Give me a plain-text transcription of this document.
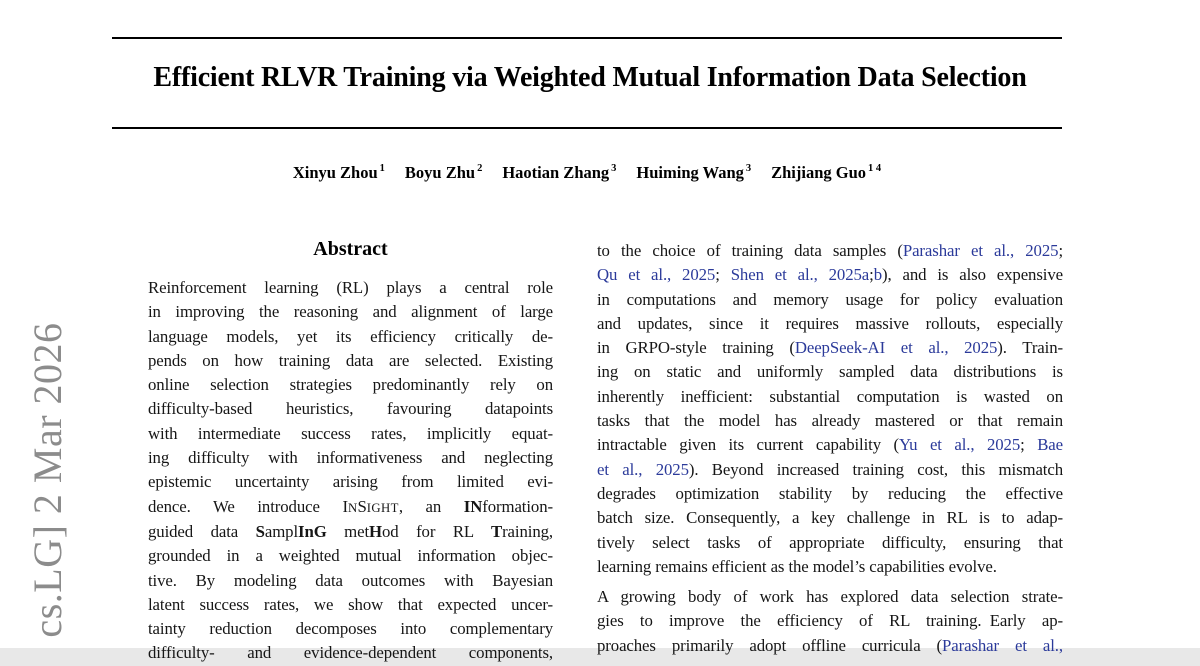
cs.LG] 2 Mar 2026
Efficient RLVR Training via Weighted Mutual Information Data Selection
Xinyu Zhou $^1$ Boyu Zhu $^2$ Haotian Zhang $^3$ Huiming Wang $^3$ Zhijiang Guo $^{1 4}$
Abstract
Reinforcement learning (RL) plays a central role
in improving the reasoning and alignment of large
language models, yet its efficiency critically de-
pends on how training data are selected. Existing
online selection strategies predominantly rely on
difficulty-based heuristics, favouring datapoints
with intermediate success rates, implicitly equat-
ing difficulty with informativeness and neglecting
epistemic uncertainty arising from limited evi-
dence. We introduce INSIGHT, an INformation-
guided data SamplInG metHod for RL Training,
grounded in a weighted mutual information objec-
tive. By modeling data outcomes with Bayesian
latent success rates, we show that expected uncer-
tainty reduction decomposes into complementary
difficulty- and evidence-dependent components,
to the choice of training data samples (Parashar et al., 2025;
Qu et al., 2025; Shen et al., 2025a;b), and is also expensive
in computations and memory usage for policy evaluation
and updates, since it requires massive rollouts, especially
in GRPO-style training (DeepSeek-AI et al., 2025). Train-
ing on static and uniformly sampled data distributions is
inherently inefficient: substantial computation is wasted on
tasks that the model has already mastered or that remain
intractable given its current capability (Yu et al., 2025; Bae
et al., 2025). Beyond increased training cost, this mismatch
degrades optimization stability by reducing the effective
batch size. Consequently, a key challenge in RL is to adap-
tively select tasks of appropriate difficulty, ensuring that
learning remains efficient as the model’s capabilities evolve.
A growing body of work has explored data selection strate-
gies to improve the efficiency of RL training. Early ap-
proaches primarily adopt offline curricula (Parashar et al.,
